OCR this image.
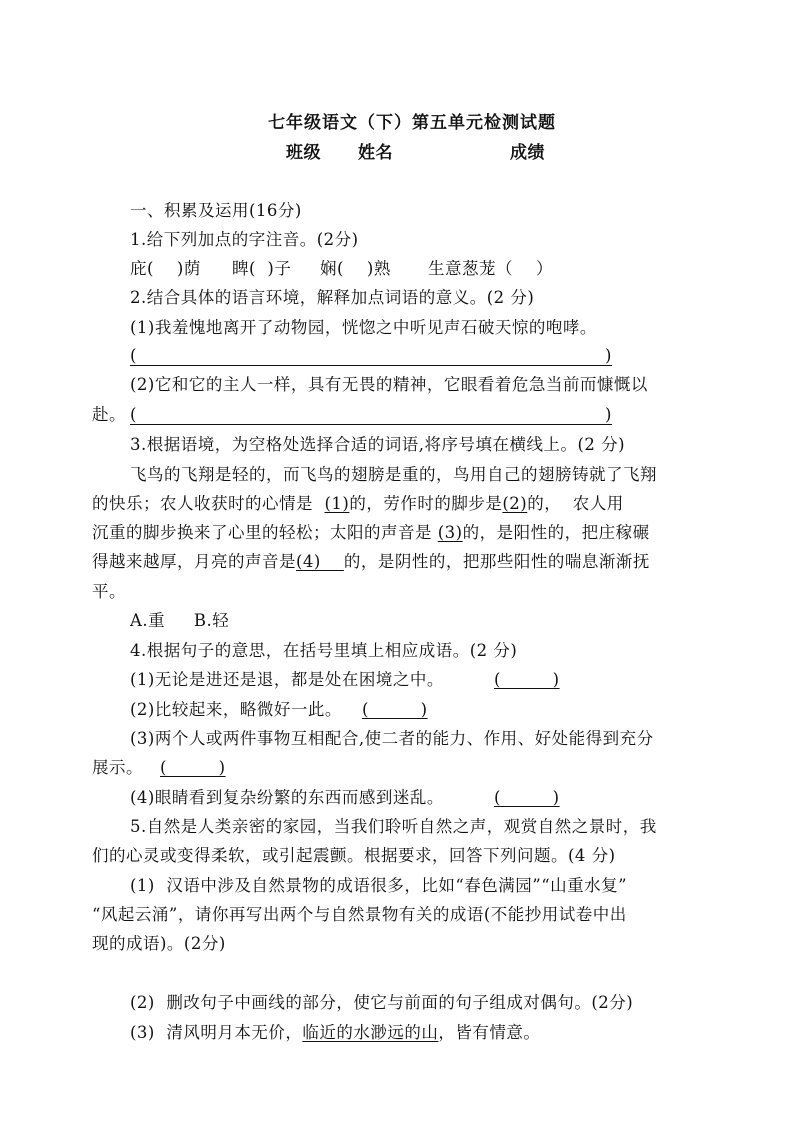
七年级语文（下）第五单元检测试题
班级 姓名	成绩
一、积累及运用(16分)
1.给下列加点的字注音。(2分)
庇(    )荫 睥(  )子 娴(    )熟 生意葱茏（    ）
2.结合具体的语言环境，解释加点词语的意义。(2 分)
(1)我羞愧地离开了动物园，恍惚之中听见声石破天惊的咆哮。
(	)
(2)它和它的主人一样，具有无畏的精神，它眼看着危急当前而慷慨以
赴。 (	)
3.根据语境，为空格处选择合适的词语,将序号填在横线上。(2 分)
飞鸟的飞翔是轻的，而飞鸟的翅膀是重的，鸟用自己的翅膀铸就了飞翔
的快乐；农人收获时的心情是  (1)的，劳作时的脚步是(2)的，  农人用
沉重的脚步换来了心里的轻松；太阳的声音是 (3)的，是阳性的，把庄稼碾
得越来越厚，月亮的声音是(4)    的，是阴性的，把那些阳性的喘息渐渐抚
平。
A.重     B.轻
4.根据句子的意思，在括号里填上相应成语。(2 分)
(1)无论是进还是退，都是处在困境之中。	(         )
(2)比较起来，略微好一此。 (         )
(3)两个人或两件事物互相配合,使二者的能力、作用、好处能得到充分
展示。	(         )
(4)眼睛看到复杂纷繁的东西而感到迷乱。	(         )
5.自然是人类亲密的家园，当我们聆听自然之声，观赏自然之景时，我
们的心灵或变得柔软，或引起震颤。根据要求，回答下列问题。(4 分)
(1)  汉语中涉及自然景物的成语很多，比如“春色满园”“山重水复”
“风起云涌”，请你再写出两个与自然景物有关的成语(不能抄用试卷中出
现的成语)。(2分)
(2)  删改句子中画线的部分，使它与前面的句子组成对偶句。(2分)
(3)  清风明月本无价，临近的水渺远的山，皆有情意。
